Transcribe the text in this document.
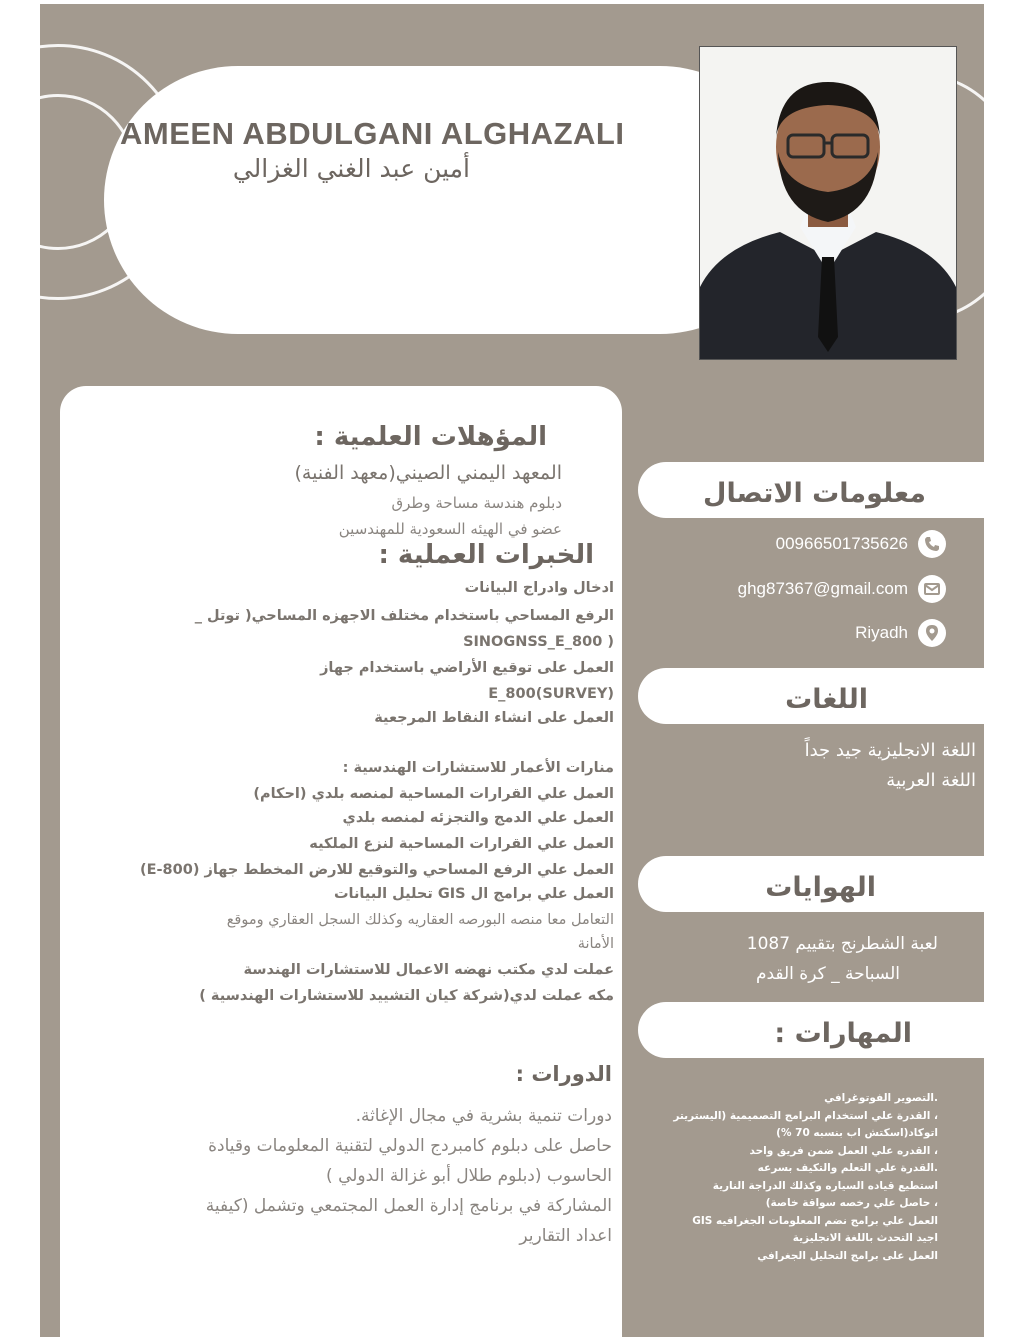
AMEEN ABDULGANI ALGHAZALI
أمين عبد الغني الغزالي
المؤهلات العلمية :
المعهد اليمني الصيني(معهد الفنية)
دبلوم هندسة مساحة وطرق
عضو في الهيئه السعودية للمهندسين
الخبرات العملية :
ادخال وادراج البيانات
الرفع المساحي باستخدام مختلف الاجهزه المساحي( توتل _
( SINOGNSS_E_800
العمل على توقيع الأراضي باستخدام جهاز
(SURVEY)E_800
العمل على انشاء النقاط المرجعية
منارات الأعمار للاستشارات الهندسية :
العمل علي القرارات المساحية لمنصه بلدي (احكام)
العمل علي الدمج والتجزئه لمنصه بلدي
العمل علي القرارات المساحية لنزع الملكيه
العمل علي الرفع المساحي والتوقيع للارض المخطط جهاز (E-800)
العمل علي برامج ال GIS تحليل البيانات
التعامل معا منصه البورصه العقاريه وكذلك السجل العقاري وموقع
الأمانة
عملت لدي مكتب نهضه الاعمال للاستشارات الهندسة
مكه عملت لدي(شركة كيان التشييد للاستشارات الهندسية )
الدورات :
دورات تنمية بشرية في مجال الإغاثة.
حاصل على دبلوم كامبردج الدولي لتقنية المعلومات وقيادة
الحاسوب (دبلوم طلال أبو غزالة الدولي )
المشاركة في برنامج إدارة العمل المجتمعي وتشمل (كيفية
اعداد التقارير
معلومات الاتصال
00966501735626
ghg87367@gmail.com
Riyadh
اللغات
اللغة الانجليزية جيد جداً
اللغة العربية
الهوايات
لعبة الشطرنج بتقييم 1087
السباحة _ كرة القدم
المهارات :
.التصوير الفوتوغرافي
، القدرة علي استخدام البرامج التصميمية (اليستريتر
اتوكاد(اسكتش اب بنسبه 70 %)
، القدره علي العمل ضمن فريق واحد
.القدرة علي التعلم والتكيف بسرعه
استطيع قياده السياره وكذلك الدراجة النارية
، حاصل علي رخصه سواقة خاصة)
العمل علي برامج نضم المعلومات الجغرافيه GIS
اجيد التحدث باللغة الانجليزية
العمل على برامج التحليل الجغرافي
